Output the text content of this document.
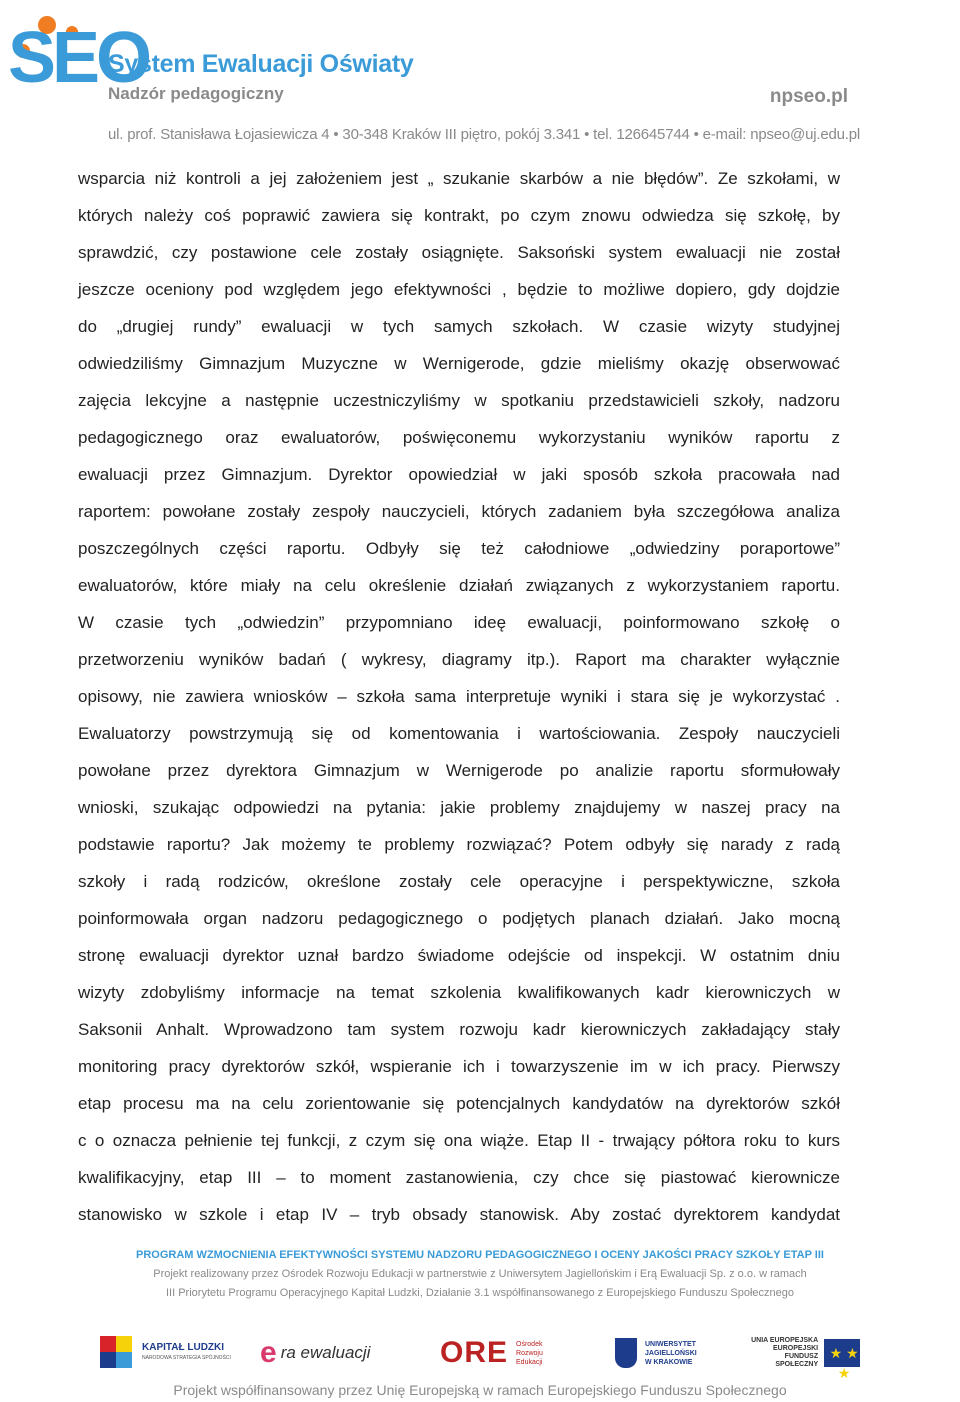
SEO
System Ewaluacji Oświaty
Nadzór pedagogiczny	npseo.pl
ul. prof. Stanisława Łojasiewicza 4 • 30-348 Kraków III piętro, pokój 3.341 • tel. 126645744 • e-mail: npseo@uj.edu.pl

wsparcia niż kontroli a jej założeniem jest „ szukanie skarbów a nie błędów”. Ze szkołami, w

których należy coś poprawić zawiera się kontrakt, po czym znowu odwiedza się szkołę, by

sprawdzić, czy postawione cele zostały osiągnięte. Saksoński system ewaluacji nie został

jeszcze oceniony pod względem jego efektywności , będzie to możliwe dopiero, gdy dojdzie

do „drugiej rundy” ewaluacji w tych samych szkołach. W czasie wizyty studyjnej

odwiedziliśmy Gimnazjum Muzyczne w Wernigerode, gdzie mieliśmy okazję obserwować

zajęcia lekcyjne a następnie uczestniczyliśmy w spotkaniu przedstawicieli szkoły, nadzoru

pedagogicznego oraz ewaluatorów, poświęconemu wykorzystaniu wyników raportu z

ewaluacji przez Gimnazjum. Dyrektor opowiedział w jaki sposób szkoła pracowała nad

raportem: powołane zostały zespoły nauczycieli, których zadaniem była szczegółowa analiza

poszczególnych części raportu. Odbyły się też całodniowe „odwiedziny poraportowe”

ewaluatorów, które miały na celu określenie działań związanych z wykorzystaniem raportu.

W czasie tych „odwiedzin” przypomniano ideę ewaluacji, poinformowano szkołę o

przetworzeniu wyników badań ( wykresy, diagramy itp.). Raport ma charakter wyłącznie

opisowy, nie zawiera wniosków – szkoła sama interpretuje wyniki i stara się je wykorzystać .

Ewaluatorzy powstrzymują się od komentowania i wartościowania. Zespoły nauczycieli

powołane przez dyrektora Gimnazjum w Wernigerode po analizie raportu sformułowały

wnioski, szukając odpowiedzi na pytania: jakie problemy znajdujemy w naszej pracy na

podstawie raportu? Jak możemy te problemy rozwiązać? Potem odbyły się narady z radą

szkoły i radą rodziców, określone zostały cele operacyjne i perspektywiczne, szkoła

poinformowała organ nadzoru pedagogicznego o podjętych planach działań. Jako mocną

stronę ewaluacji dyrektor uznał bardzo świadome odejście od inspekcji. W ostatnim dniu

wizyty zdobyliśmy informacje na temat szkolenia kwalifikowanych kadr kierowniczych w

Saksonii Anhalt. Wprowadzono tam system rozwoju kadr kierowniczych zakładający stały

monitoring pracy dyrektorów szkół, wspieranie ich i towarzyszenie im w ich pracy. Pierwszy

etap procesu ma na celu zorientowanie się potencjalnych kandydatów na dyrektorów szkół

c o oznacza pełnienie tej funkcji, z czym się ona wiąże. Etap II - trwający półtora roku to kurs

kwalifikacyjny, etap III – to moment zastanowienia, czy chce się piastować kierownicze

stanowisko w szkole i etap IV – tryb obsady stanowisk. Aby zostać dyrektorem kandydat

PROGRAM WZMOCNIENIA EFEKTYWNOŚCI SYSTEMU NADZORU PEDAGOGICZNEGO I OCENY JAKOŚCI PRACY SZKOŁY ETAP III
Projekt realizowany przez Ośrodek Rozwoju Edukacji w partnerstwie z Uniwersytem Jagiellońskim i Erą Ewaluacji Sp. z o.o. w ramach
III Priorytetu Programu Operacyjnego Kapitał Ludzki, Działanie 3.1 współfinansowanego z Europejskiego Funduszu Społecznego
KAPITAŁ LUDZKI
NARODOWA STRATEGIA SPÓJNOŚCI e ra ewaluacji ORE Ośrodek
Rozwoju
Edukacji
UNIWERSYTET
JAGIELLOŃSKI
W KRAKOWIE
UNIA EUROPEJSKA
EUROPEJSKI
FUNDUSZ SPOŁECZNY
★ ★ ★
Projekt współfinansowany przez Unię Europejską w ramach Europejskiego Funduszu Społecznego
